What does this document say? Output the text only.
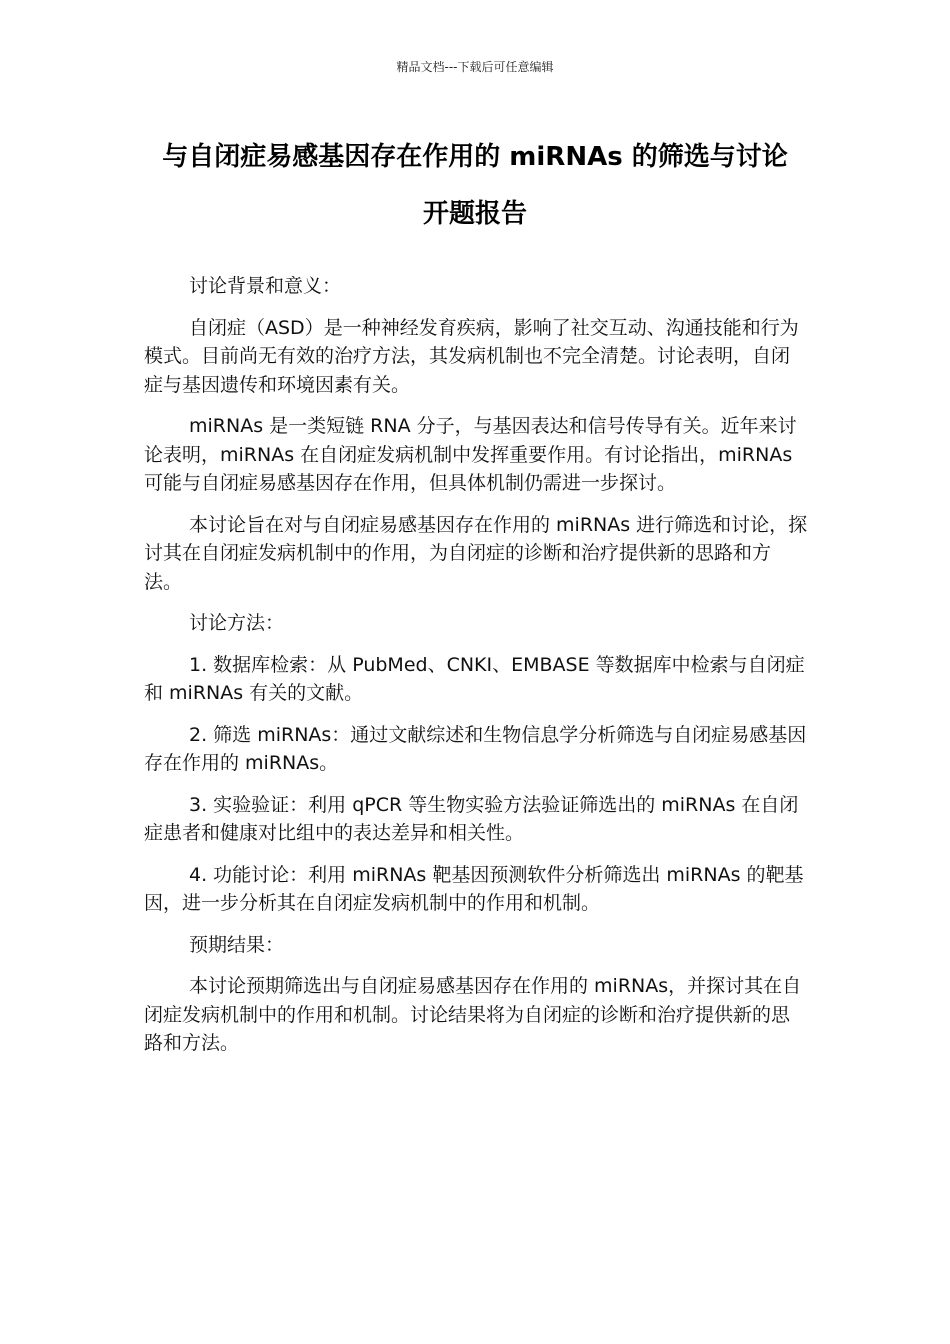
精品文档---下载后可任意编辑
与自闭症易感基因存在作用的 miRNAs 的筛选与讨论
开题报告

讨论背景和意义：

自闭症（ASD）是一种神经发育疾病，影响了社交互动、沟通技能和行为模式。目前尚无有效的治疗方法，其发病机制也不完全清楚。讨论表明，自闭症与基因遗传和环境因素有关。

miRNAs 是一类短链 RNA 分子，与基因表达和信号传导有关。近年来讨论表明，miRNAs 在自闭症发病机制中发挥重要作用。有讨论指出，miRNAs 可能与自闭症易感基因存在作用，但具体机制仍需进一步探讨。

本讨论旨在对与自闭症易感基因存在作用的 miRNAs 进行筛选和讨论，探讨其在自闭症发病机制中的作用，为自闭症的诊断和治疗提供新的思路和方法。

讨论方法：

1. 数据库检索：从 PubMed、CNKI、EMBASE 等数据库中检索与自闭症和 miRNAs 有关的文献。

2. 筛选 miRNAs：通过文献综述和生物信息学分析筛选与自闭症易感基因存在作用的 miRNAs。

3. 实验验证：利用 qPCR 等生物实验方法验证筛选出的 miRNAs 在自闭症患者和健康对比组中的表达差异和相关性。

4. 功能讨论：利用 miRNAs 靶基因预测软件分析筛选出 miRNAs 的靶基因，进一步分析其在自闭症发病机制中的作用和机制。

预期结果：

本讨论预期筛选出与自闭症易感基因存在作用的 miRNAs，并探讨其在自闭症发病机制中的作用和机制。讨论结果将为自闭症的诊断和治疗提供新的思路和方法。
